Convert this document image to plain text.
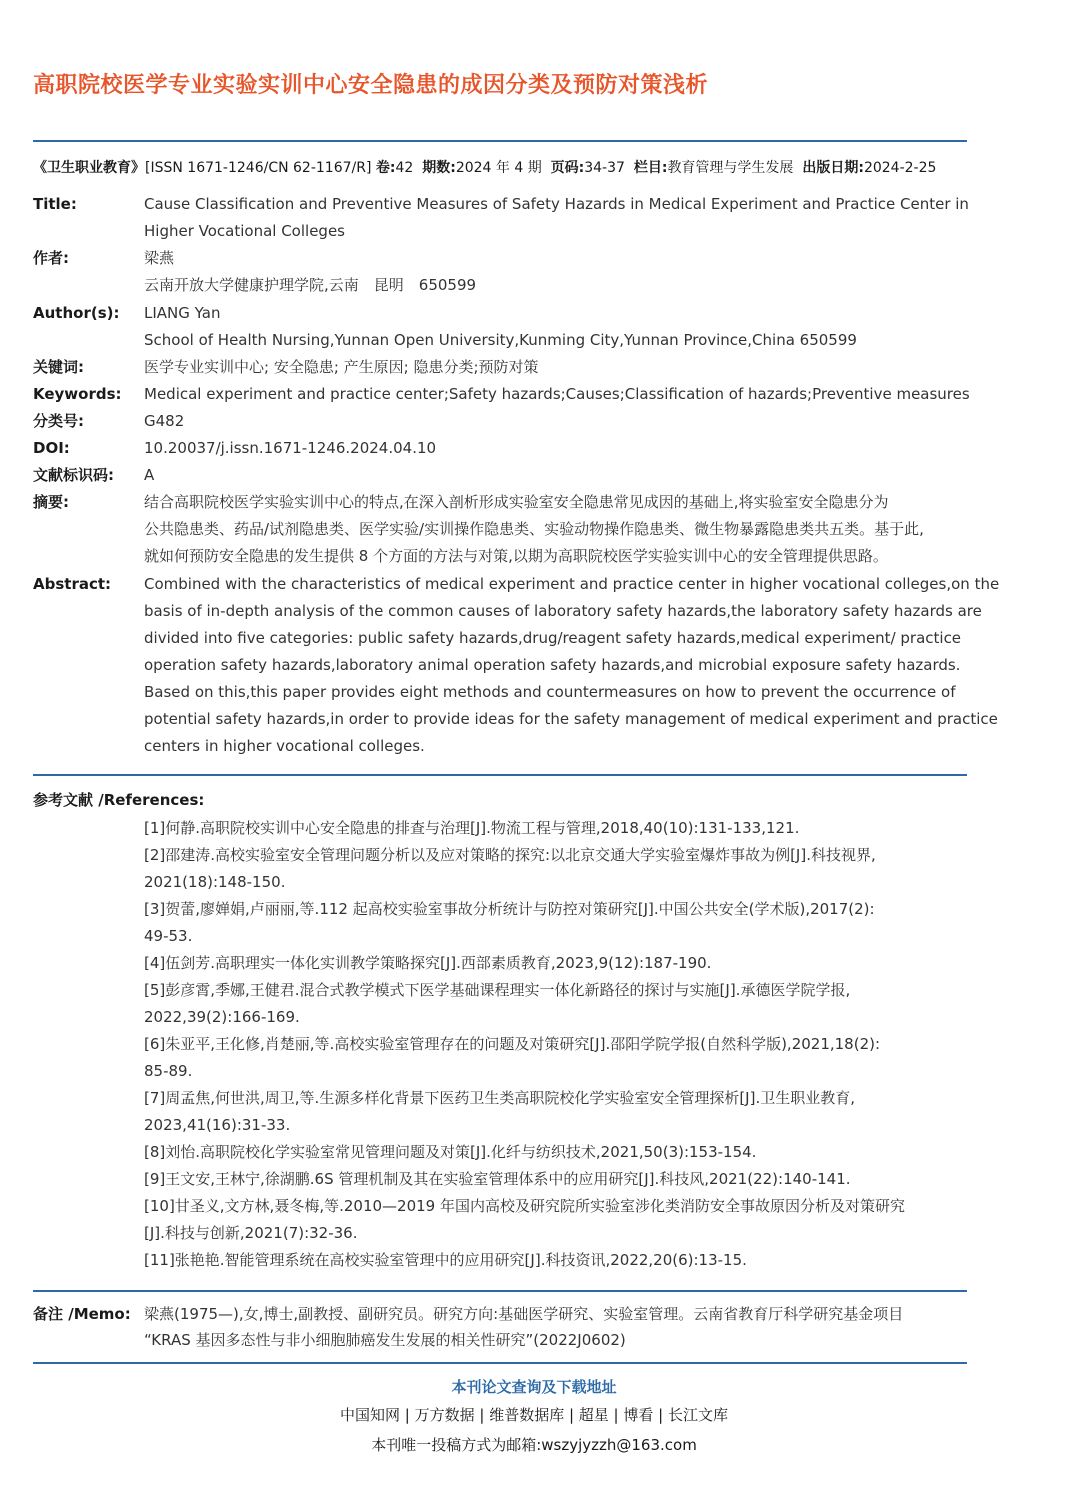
高职院校医学专业实验实训中心安全隐患的成因分类及预防对策浅析
《卫生职业教育》[ISSN 1671-1246/CN 62-1167/R] 卷:42 期数:2024 年 4 期 页码:34-37 栏目:教育管理与学生发展 出版日期:2024-2-25
Title:	Cause Classification and Preventive Measures of Safety Hazards in Medical Experiment and Practice Center in
Higher Vocational Colleges
作者:	梁燕
云南开放大学健康护理学院,云南　昆明　650599
Author(s): LIANG Yan
School of Health Nursing,Yunnan Open University,Kunming City,Yunnan Province,China 650599
关键词:	医学专业实训中心; 安全隐患; 产生原因; 隐患分类;预防对策
Keywords: Medical experiment and practice center;Safety hazards;Causes;Classification of hazards;Preventive measures
分类号:	G482
DOI:	10.20037/j.issn.1671-1246.2024.04.10
文献标识码: A
摘要:	结合高职院校医学实验实训中心的特点,在深入剖析形成实验室安全隐患常见成因的基础上,将实验室安全隐患分为
公共隐患类、药品/试剂隐患类、医学实验/实训操作隐患类、实验动物操作隐患类、微生物暴露隐患类共五类。基于此,
就如何预防安全隐患的发生提供 8 个方面的方法与对策,以期为高职院校医学实验实训中心的安全管理提供思路。
Abstract: Combined with the characteristics of medical experiment and practice center in higher vocational colleges,on the
basis of in-depth analysis of the common causes of laboratory safety hazards,the laboratory safety hazards are
divided into five categories: public safety hazards,drug/reagent safety hazards,medical experiment/ practice
operation safety hazards,laboratory animal operation safety hazards,and microbial exposure safety hazards.
Based on this,this paper provides eight methods and countermeasures on how to prevent the occurrence of
potential safety hazards,in order to provide ideas for the safety management of medical experiment and practice
centers in higher vocational colleges.
参考文献 /References:
[1]何静.高职院校实训中心安全隐患的排查与治理[J].物流工程与管理,2018,40(10):131-133,121.
[2]邵建涛.高校实验室安全管理问题分析以及应对策略的探究:以北京交通大学实验室爆炸事故为例[J].科技视界,
2021(18):148-150.
[3]贺蕾,廖婵娟,卢丽丽,等.112 起高校实验室事故分析统计与防控对策研究[J].中国公共安全(学术版),2017(2):
49-53.
[4]伍剑芳.高职理实一体化实训教学策略探究[J].西部素质教育,2023,9(12):187-190.
[5]彭彦霄,季娜,王健君.混合式教学模式下医学基础课程理实一体化新路径的探讨与实施[J].承德医学院学报,
2022,39(2):166-169.
[6]朱亚平,王化修,肖楚丽,等.高校实验室管理存在的问题及对策研究[J].邵阳学院学报(自然科学版),2021,18(2):
85-89.
[7]周孟焦,何世洪,周卫,等.生源多样化背景下医药卫生类高职院校化学实验室安全管理探析[J].卫生职业教育,
2023,41(16):31-33.
[8]刘怡.高职院校化学实验室常见管理问题及对策[J].化纤与纺织技术,2021,50(3):153-154.
[9]王文安,王林宁,徐湖鹏.6S 管理机制及其在实验室管理体系中的应用研究[J].科技风,2021(22):140-141.
[10]甘圣义,文方林,聂冬梅,等.2010—2019 年国内高校及研究院所实验室涉化类消防安全事故原因分析及对策研究
[J].科技与创新,2021(7):32-36.
[11]张艳艳.智能管理系统在高校实验室管理中的应用研究[J].科技资讯,2022,20(6):13-15.
备注 /Memo: 梁燕(1975—),女,博士,副教授、副研究员。研究方向:基础医学研究、实验室管理。云南省教育厅科学研究基金项目
“KRAS 基因多态性与非小细胞肺癌发生发展的相关性研究”(2022J0602)
本刊论文查询及下载地址
中国知网 | 万方数据 | 维普数据库 | 超星 | 博看 | 长江文库
本刊唯一投稿方式为邮箱:wszyjyzzh@163.com
